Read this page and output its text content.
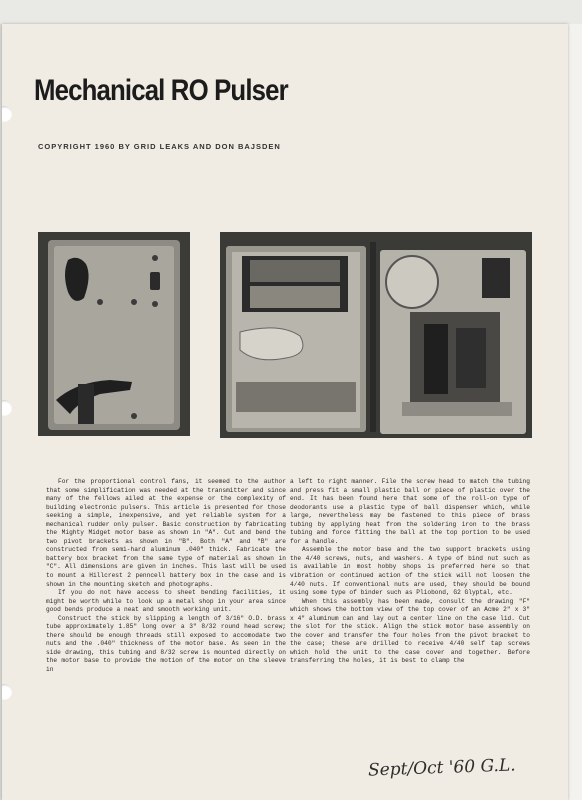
Mechanical RO Pulser
COPYRIGHT 1960 BY GRID LEAKS AND DON BAJSDEN

For the proportional control fans, it seemed to the author that some simplification was needed at the transmitter and since many of the fellows ailed at the expense or the complexity of building electronic pulsers. This article is presented for those seeking a simple, inexpensive, and yet reliable system for a mechanical rudder only pulser. Basic construction by fabricating the Mighty Midget motor base as shown in "A". Cut and bend the two pivot brackets as shown in "B". Both "A" and "B" are constructed from semi-hard aluminum .040" thick. Fabricate the battery box bracket from the same type of material as shown in "C". All dimensions are given in inches. This last will be used to mount a Hillcrest 2 penncell battery box in the case and is shown in the mounting sketch and photographs.

If you do not have access to sheet bending facilities, it might be worth while to look up a metal shop in your area since good bends produce a neat and smooth working unit.

Construct the stick by slipping a length of 3/16" O.D. brass tube approximately 1.85" long over a 3" 8/32 round head screw; there should be enough threads still exposed to accomodate two nuts and the .040" thickness of the motor base. As seen in the side drawing, this tubing and 8/32 screw is mounted directly on the motor base to provide the motion of the motor on the sleeve in

a left to right manner. File the screw head to match the tubing and press fit a small plastic ball or piece of plastic over the end. It has been found here that some of the roll-on type of deodorants use a plastic type of ball dispenser which, while large, nevertheless may be fastened to this piece of brass tubing by applying heat from the soldering iron to the brass tubing and force fitting the ball at the top portion to be used for a handle.

Assemble the motor base and the two support brackets using the 4/40 screws, nuts, and washers. A type of bind nut such as is available in most hobby shops is preferred here so that vibration or continued action of the stick will not loosen the 4/40 nuts. If conventional nuts are used, they should be bound using some type of binder such as Pliobond, G2 Glyptal, etc.

When this assembly has been made, consult the drawing "F" which shows the bottom view of the top cover of an Acme 2" x 3" x 4" aluminum can and lay out a center line on the case lid. Cut the slot for the stick. Align the stick motor base assembly on the cover and transfer the four holes from the pivot bracket to the case; these are drilled to receive 4/40 self tap screws which hold the unit to the case cover and together. Before transferring the holes, it is best to clamp the

Sept/Oct '60 G.L.
